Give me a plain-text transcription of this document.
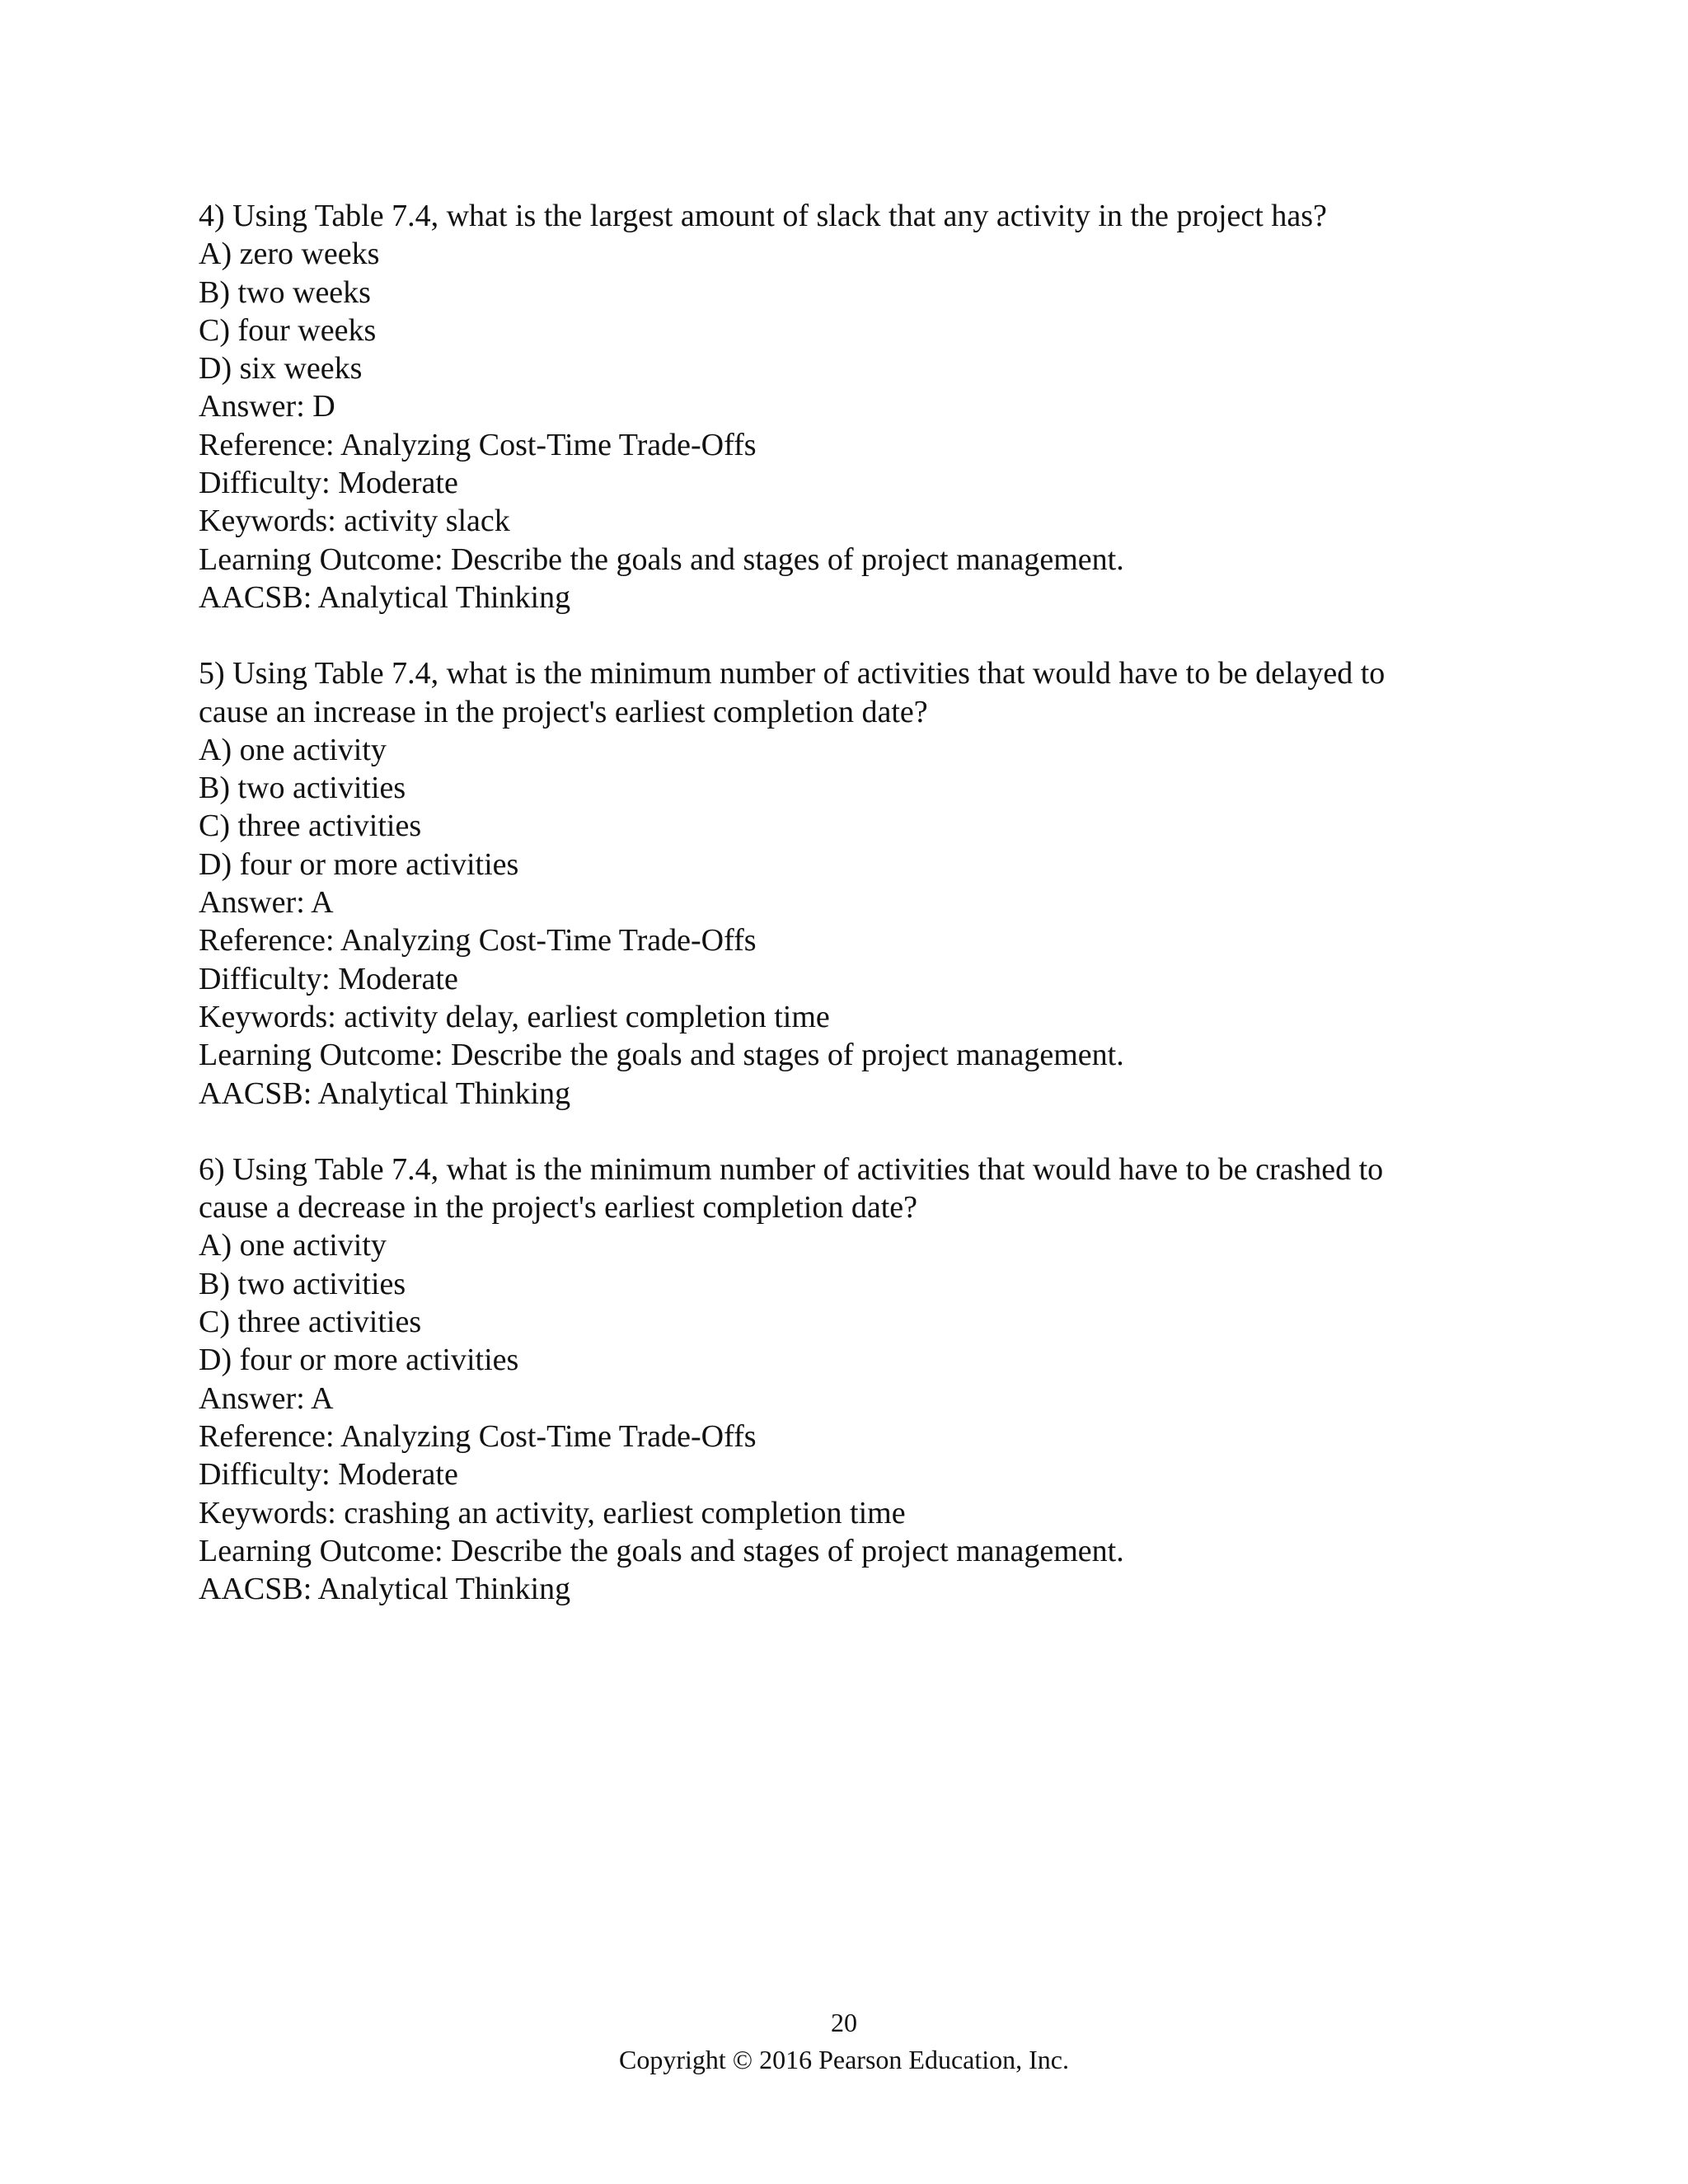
4) Using Table 7.4, what is the largest amount of slack that any activity in the project has?
A) zero weeks
B) two weeks
C) four weeks
D) six weeks
Answer: D
Reference: Analyzing Cost-Time Trade-Offs
Difficulty: Moderate
Keywords: activity slack
Learning Outcome: Describe the goals and stages of project management.
AACSB: Analytical Thinking
5) Using Table 7.4, what is the minimum number of activities that would have to be delayed to
cause an increase in the project's earliest completion date?
A) one activity
B) two activities
C) three activities
D) four or more activities
Answer: A
Reference: Analyzing Cost-Time Trade-Offs
Difficulty: Moderate
Keywords: activity delay, earliest completion time
Learning Outcome: Describe the goals and stages of project management.
AACSB: Analytical Thinking
6) Using Table 7.4, what is the minimum number of activities that would have to be crashed to
cause a decrease in the project's earliest completion date?
A) one activity
B) two activities
C) three activities
D) four or more activities
Answer: A
Reference: Analyzing Cost-Time Trade-Offs
Difficulty: Moderate
Keywords: crashing an activity, earliest completion time
Learning Outcome: Describe the goals and stages of project management.
AACSB: Analytical Thinking
20
Copyright © 2016 Pearson Education, Inc.
